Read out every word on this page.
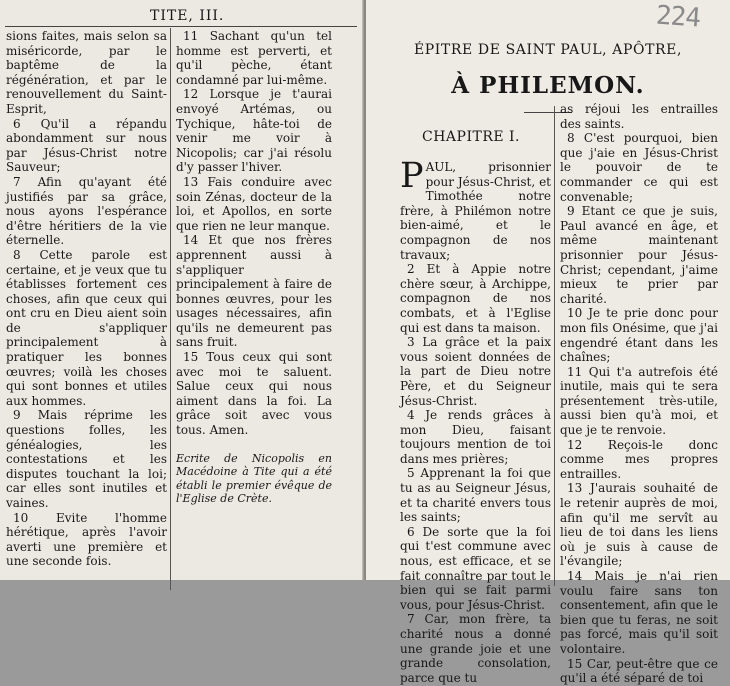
TITE, III.

sions faites, mais selon sa miséricorde, par le baptême de la régénération, et par le renouvellement du Saint-Esprit,

6 Qu'il a répandu abondamment sur nous par Jésus-Christ notre Sauveur;

7 Afin qu'ayant été justifiés par sa grâce, nous ayons l'espérance d'être héritiers de la vie éternelle.

8 Cette parole est certaine, et je veux que tu établisses fortement ces choses, afin que ceux qui ont cru en Dieu aient soin de s'appliquer principalement à pratiquer les bonnes œuvres; voilà les choses qui sont bonnes et utiles aux hommes.

9 Mais réprime les questions folles, les généalogies, les contestations et les disputes touchant la loi; car elles sont inutiles et vaines.

10 Evite l'homme hérétique, après l'avoir averti une première et une seconde fois.

11 Sachant qu'un tel homme est perverti, et qu'il pèche, étant condamné par lui-même.

12 Lorsque je t'aurai envoyé Artémas, ou Tychique, hâte-toi de venir me voir à Nicopolis; car j'ai résolu d'y passer l'hiver.

13 Fais conduire avec soin Zénas, docteur de la loi, et Apollos, en sorte que rien ne leur manque.

14 Et que nos frères apprennent aussi à s'appliquer principalement à faire de bonnes œuvres, pour les usages nécessaires, afin qu'ils ne demeurent pas sans fruit.

15 Tous ceux qui sont avec moi te saluent. Salue ceux qui nous aiment dans la foi. La grâce soit avec vous tous. Amen.

Ecrite de Nicopolis en Macédoine à Tite qui a été établi le premier évêque de l'Eglise de Crète.

224
ÉPITRE DE SAINT PAUL, APÔTRE,
À PHILEMON.
CHAPITRE I.

PAUL, prisonnier pour Jésus-Christ, et Timothée notre frère, à Philémon notre bien-aimé, et le compagnon de nos travaux;

2 Et à Appie notre chère sœur, à Archippe, compagnon de nos combats, et à l'Eglise qui est dans ta maison.

3 La grâce et la paix vous soient données de la part de Dieu notre Père, et du Seigneur Jésus-Christ.

4 Je rends grâces à mon Dieu, faisant toujours mention de toi dans mes prières;

5 Apprenant la foi que tu as au Seigneur Jésus, et ta charité envers tous les saints;

6 De sorte que la foi qui t'est commune avec nous, est efficace, et se fait connaître par tout le bien qui se fait parmi vous, pour Jésus-Christ.

7 Car, mon frère, ta charité nous a donné une grande joie et une grande consolation, parce que tu

as réjoui les entrailles des saints.

8 C'est pourquoi, bien que j'aie en Jésus-Christ le pouvoir de te commander ce qui est convenable;

9 Etant ce que je suis, Paul avancé en âge, et même maintenant prisonnier pour Jésus-Christ; cependant, j'aime mieux te prier par charité.

10 Je te prie donc pour mon fils Onésime, que j'ai engendré étant dans les chaînes;

11 Qui t'a autrefois été inutile, mais qui te sera présentement très-utile, aussi bien qu'à moi, et que je te renvoie.

12 Reçois-le donc comme mes propres entrailles.

13 J'aurais souhaité de le retenir auprès de moi, afin qu'il me servît au lieu de toi dans les liens où je suis à cause de l'évangile;

14 Mais je n'ai rien voulu faire sans ton consentement, afin que le bien que tu feras, ne soit pas forcé, mais qu'il soit volontaire.

15 Car, peut-être que ce qu'il a été séparé de toi
